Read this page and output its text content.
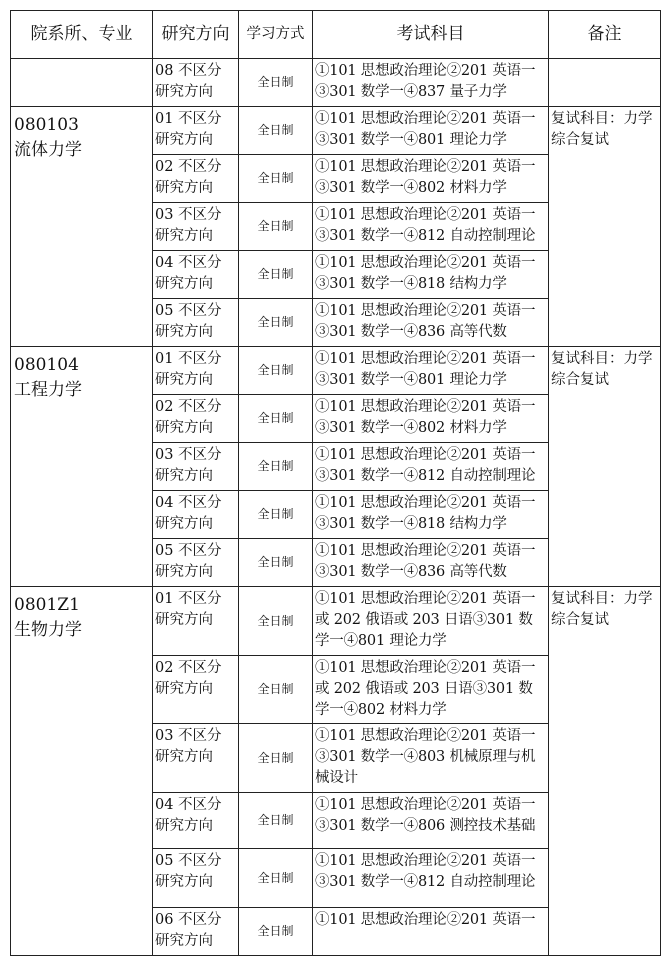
院系所、专业	研究方向	学习方式	考试科目	备注

	08 不区分研究方向	全日制	①101 思想政治理论②201 英语一③301 数学一④837 量子力学	

080103
流体力学	01 不区分研究方向	全日制	①101 思想政治理论②201 英语一③301 数学一④801 理论力学	复试科目：力学综合复试
	02 不区分研究方向	全日制	①101 思想政治理论②201 英语一③301 数学一④802 材料力学	
	03 不区分研究方向	全日制	①101 思想政治理论②201 英语一③301 数学一④812 自动控制理论	
	04 不区分研究方向	全日制	①101 思想政治理论②201 英语一③301 数学一④818 结构力学	
	05 不区分研究方向	全日制	①101 思想政治理论②201 英语一③301 数学一④836 高等代数	

080104
工程力学	01 不区分研究方向	全日制	①101 思想政治理论②201 英语一③301 数学一④801 理论力学	复试科目：力学综合复试
	02 不区分研究方向	全日制	①101 思想政治理论②201 英语一③301 数学一④802 材料力学	
	03 不区分研究方向	全日制	①101 思想政治理论②201 英语一③301 数学一④812 自动控制理论	
	04 不区分研究方向	全日制	①101 思想政治理论②201 英语一③301 数学一④818 结构力学	
	05 不区分研究方向	全日制	①101 思想政治理论②201 英语一③301 数学一④836 高等代数	

0801Z1
生物力学	01 不区分研究方向	全日制	①101 思想政治理论②201 英语一或 202 俄语或 203 日语③301 数学一④801 理论力学	复试科目：力学综合复试
	02 不区分研究方向	全日制	①101 思想政治理论②201 英语一或 202 俄语或 203 日语③301 数学一④802 材料力学	
	03 不区分研究方向	全日制	①101 思想政治理论②201 英语一③301 数学一④803 机械原理与机械设计	
	04 不区分研究方向	全日制	①101 思想政治理论②201 英语一③301 数学一④806 测控技术基础	
	05 不区分研究方向	全日制	①101 思想政治理论②201 英语一③301 数学一④812 自动控制理论	
	06 不区分研究方向	全日制	①101 思想政治理论②201 英语一	
